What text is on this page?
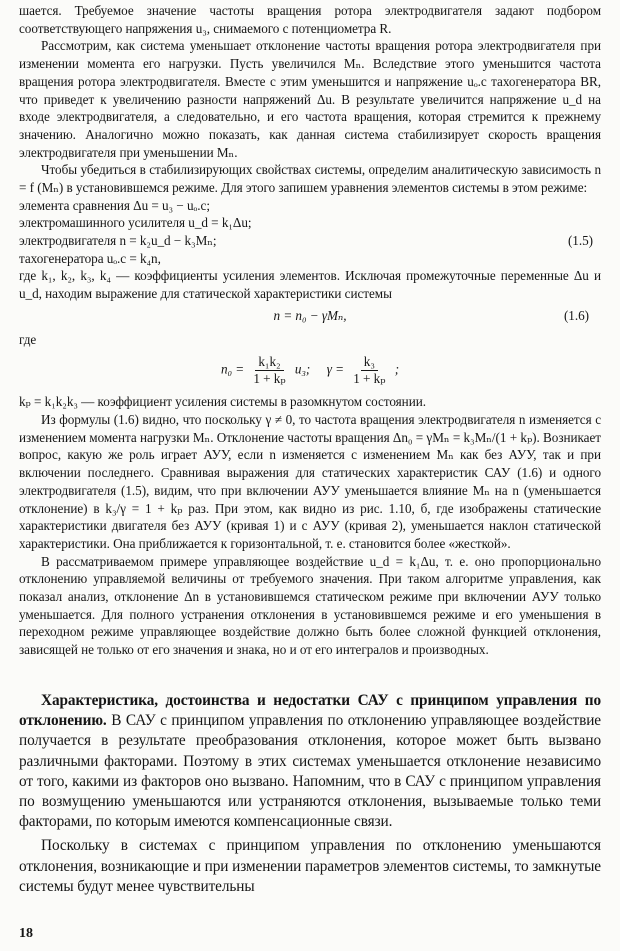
шается. Требуемое значение частоты вращения ротора электродвигателя задают подбором соответствующего напряжения u₃, снимаемого с потенциометра R.

Рассмотрим, как система уменьшает отклонение частоты вращения ротора электродвигателя при изменении момента его нагрузки. Пусть увеличился Mₙ. Вследствие этого уменьшится частота вращения ротора электродвигателя. Вместе с этим уменьшится и напряжение uₒ.с тахогенератора BR, что приведет к увеличению разности напряжений Δu. В результате увеличится напряжение u_d на входе электродвигателя, а следовательно, и его частота вращения, которая стремится к прежнему значению. Аналогично можно показать, как данная система стабилизирует скорость вращения электродвигателя при уменьшении Mₙ.

Чтобы убедиться в стабилизирующих свойствах системы, определим аналитическую зависимость n = f (Mₙ) в установившемся режиме. Для этого запишем уравнения элементов системы в этом режиме:

элемента сравнения Δu = u₃ − uₒ.с;
электромашинного усилителя u_d = k₁Δu;
электродвигателя n = k₂u_d − k₃Mₙ;	(1.5)
тахогенератора uₒ.с = k₄n,

где k₁, k₂, k₃, k₄ — коэффициенты усиления элементов. Исключая промежуточные переменные Δu и u_d, находим выражение для статической характеристики системы

n = n₀ − γMₙ,	(1.6)

где

$n_0 = \frac{\text{k₁k₂}}{\text{1 + kₚ}} u_3$; $\gamma = \frac{\text{k₃}}{\text{1 + kₚ}}$ ;

kₚ = k₁k₂k₃ — коэффициент усиления системы в разомкнутом состоянии.

Из формулы (1.6) видно, что поскольку γ ≠ 0, то частота вращения электродвигателя n изменяется с изменением момента нагрузки Mₙ. Отклонение частоты вращения Δn₀ = γMₙ = k₃Mₙ/(1 + kₚ). Возникает вопрос, какую же роль играет АУУ, если n изменяется с изменением Mₙ как без АУУ, так и при включении последнего. Сравнивая выражения для статических характеристик САУ (1.6) и одного электродвигателя (1.5), видим, что при включении АУУ уменьшается влияние Mₙ на n (уменьшается отклонение) в k₃/γ = 1 + kₚ раз. При этом, как видно из рис. 1.10, б, где изображены статические характеристики двигателя без АУУ (кривая 1) и с АУУ (кривая 2), уменьшается наклон статической характеристики. Она приближается к горизонтальной, т. е. становится более «жесткой».

В рассматриваемом примере управляющее воздействие u_d = k₁Δu, т. е. оно пропорционально отклонению управляемой величины от требуемого значения. При таком алгоритме управления, как показал анализ, отклонение Δn в установившемся статическом режиме при включении АУУ только уменьшается. Для полного устранения отклонения в установившемся режиме и его уменьшения в переходном режиме управляющее воздействие должно быть более сложной функцией отклонения, зависящей не только от его значения и знака, но и от его интегралов и производных.

Характеристика, достоинства и недостатки САУ с принципом управления по отклонению. В САУ с принципом управления по отклонению управляющее воздействие получается в результате преобразования отклонения, которое может быть вызвано различными факторами. Поэтому в этих системах уменьшается отклонение независимо от того, какими из факторов оно вызвано. Напомним, что в САУ с принципом управления по возмущению уменьшаются или устраняются отклонения, вызываемые только теми факторами, по которым имеются компенсационные связи.

Поскольку в системах с принципом управления по отклонению уменьшаются отклонения, возникающие и при изменении параметров элементов системы, то замкнутые системы будут менее чувствительны

18
